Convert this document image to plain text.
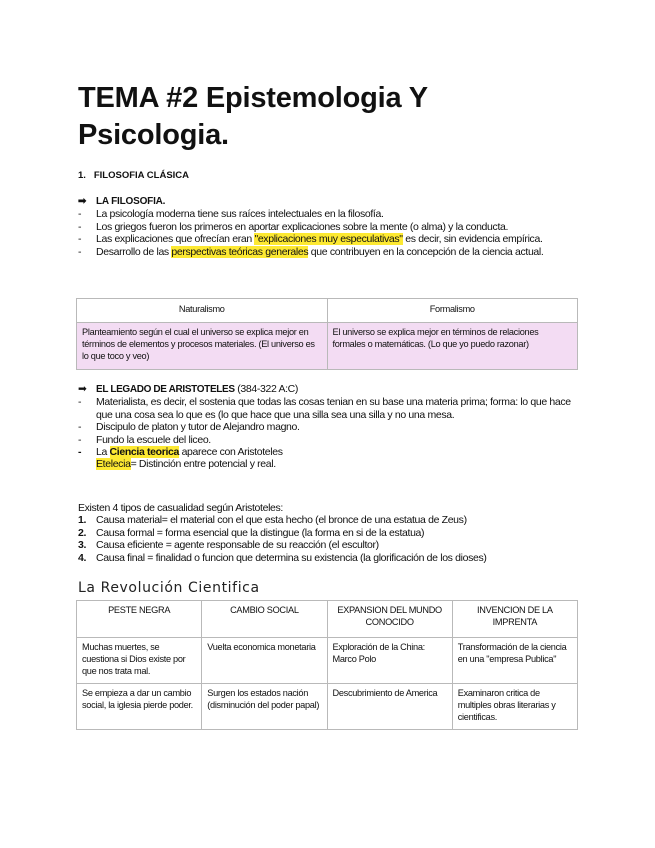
TEMA #2 Epistemologia Y Psicologia.
1. FILOSOFIA CLÁSICA
➡ LA FILOSOFIA.
- La psicología moderna tiene sus raíces intelectuales en la filosofía.
- Los griegos fueron los primeros en aportar explicaciones sobre la mente (o alma) y la conducta.
- Las explicaciones que ofrecían eran "explicaciones muy especulativas" es decir, sin evidencia empírica.
- Desarrollo de las perspectivas teóricas generales que contribuyen en la concepción de la ciencia actual.
Naturalismo	Formalismo
Planteamiento según el cual el universo se explica mejor en términos de elementos y procesos materiales. (El universo es lo que toco y veo)	El universo se explica mejor en términos de relaciones formales o matemáticas. (Lo que yo puedo razonar)
➡ EL LEGADO DE ARISTOTELES (384-322 A:C)
- Materialista, es decir, el sostenia que todas las cosas tenian en su base una materia prima; forma: lo que hace que una cosa sea lo que es (lo que hace que una silla sea una silla y no una mesa.
- Discipulo de platon y tutor de Alejandro magno.
- Fundo la escuele del liceo.
- La Ciencia teorica aparece con Aristoteles
Etelecia= Distinción entre potencial y real.
Existen 4 tipos de casualidad según Aristoteles:
1. Causa material= el material con el que esta hecho (el bronce de una estatua de Zeus)
2. Causa formal = forma esencial que la distingue (la forma en si de la estatua)
3. Causa eficiente = agente responsable de su reacción (el escultor)
4. Causa final = finalidad o funcion que determina su existencia (la glorificación de los dioses)
La Revolución Cientifica
PESTE NEGRA	CAMBIO SOCIAL	EXPANSION DEL MUNDO CONOCIDO	INVENCION DE LA IMPRENTA
Muchas muertes, se cuestiona si Dios existe por que nos trata mal.	Vuelta economica monetaria	Exploración de la China: Marco Polo	Transformación de la ciencia en una "empresa Publica"
Se empieza a dar un cambio social, la iglesia pierde poder.	Surgen los estados nación (disminución del poder papal)	Descubrimiento de America	Examinaron critica de multiples obras literarias y cientificas.
